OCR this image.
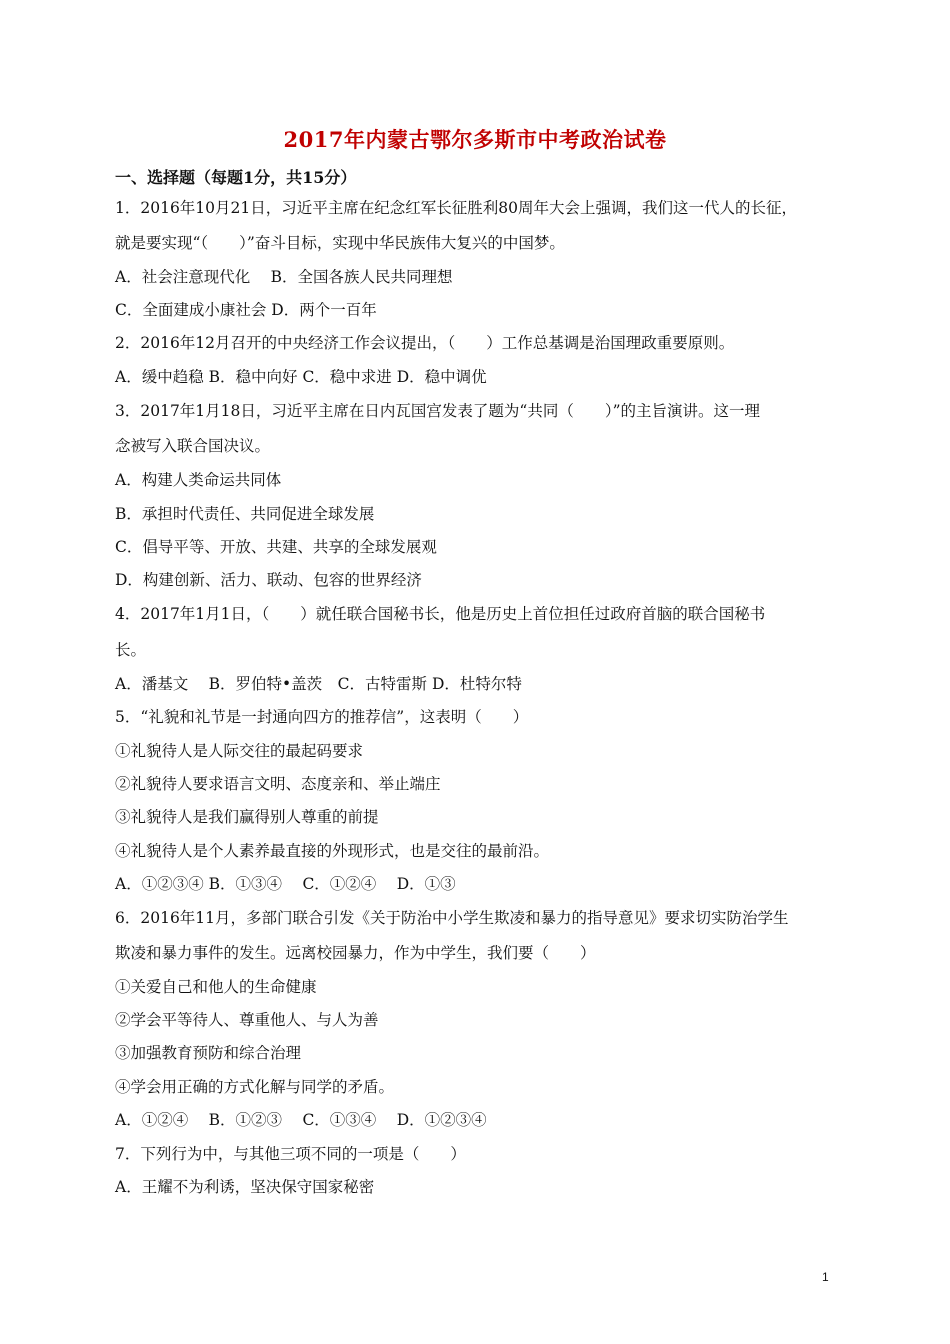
2017年内蒙古鄂尔多斯市中考政治试卷
一、选择题（每题1分，共15分）
1．2016年10月21日，习近平主席在纪念红军长征胜利80周年大会上强调，我们这一代人的长征，
就是要实现“（　　）”奋斗目标，实现中华民族伟大复兴的中国梦。
A．社会注意现代化　 B．全国各族人民共同理想
C．全面建成小康社会 D．两个一百年
2．2016年12月召开的中央经济工作会议提出，（　　）工作总基调是治国理政重要原则。
A．缓中趋稳 B．稳中向好 C．稳中求进 D．稳中调优
3．2017年1月18日，习近平主席在日内瓦国宫发表了题为“共同（　　）”的主旨演讲。这一理
念被写入联合国决议。
A．构建人类命运共同体
B．承担时代责任、共同促进全球发展
C．倡导平等、开放、共建、共享的全球发展观
D．构建创新、活力、联动、包容的世界经济
4．2017年1月1日，（　　）就任联合国秘书长，他是历史上首位担任过政府首脑的联合国秘书
长。
A．潘基文　 B．罗伯特•盖茨　C．古特雷斯 D．杜特尔特
5．“礼貌和礼节是一封通向四方的推荐信”，这表明（　　）
①礼貌待人是人际交往的最起码要求
②礼貌待人要求语言文明、态度亲和、举止端庄
③礼貌待人是我们赢得别人尊重的前提
④礼貌待人是个人素养最直接的外现形式，也是交往的最前沿。
A．①②③④ B．①③④　 C．①②④　 D．①③
6．2016年11月，多部门联合引发《关于防治中小学生欺凌和暴力的指导意见》要求切实防治学生
欺凌和暴力事件的发生。远离校园暴力，作为中学生，我们要（　　）
①关爱自己和他人的生命健康
②学会平等待人、尊重他人、与人为善
③加强教育预防和综合治理
④学会用正确的方式化解与同学的矛盾。
A．①②④　 B．①②③　 C．①③④　 D．①②③④
7．下列行为中，与其他三项不同的一项是（　　）
A．王耀不为利诱，坚决保守国家秘密
1
